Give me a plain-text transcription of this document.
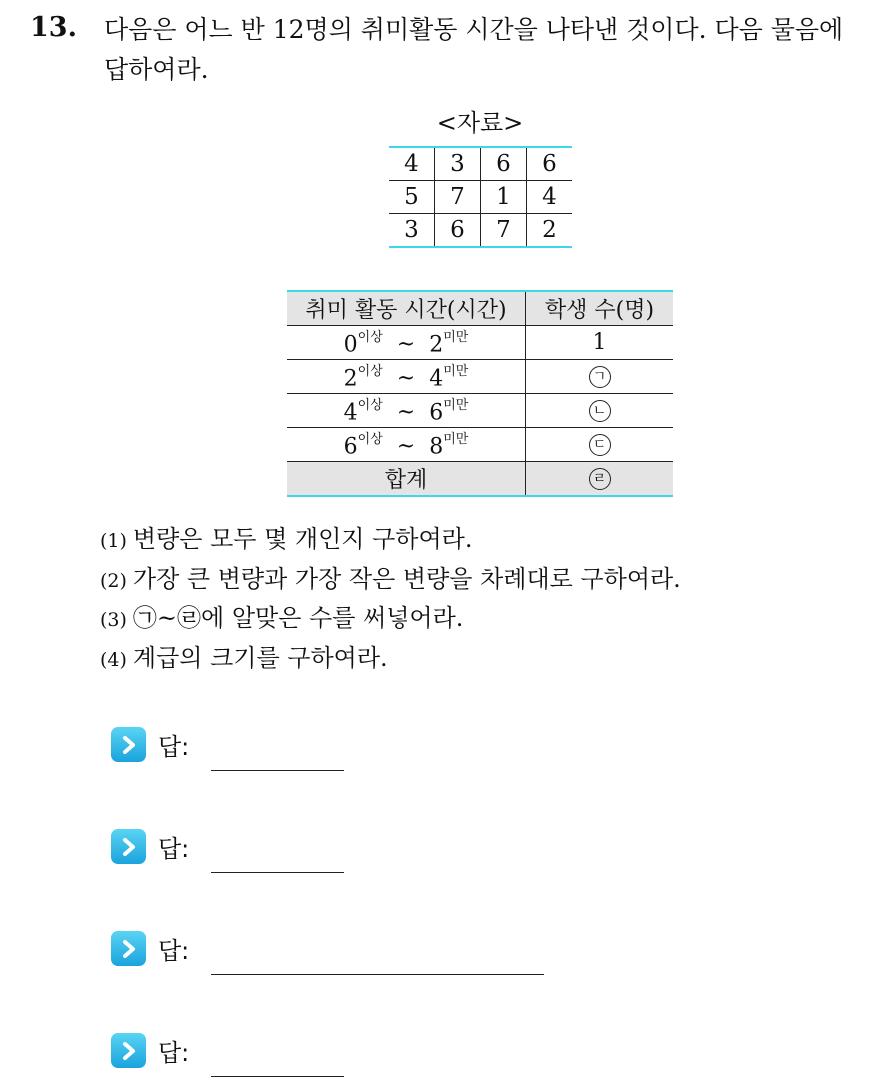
13. 다음은 어느 반 12명의 취미활동 시간을 나타낸 것이다. 다음 물음에 답하여라.

<자료>
4	3	6	6
5	7	1	4
3	6	7	2
취미 활동 시간(시간)	학생 수(명)
$0^{이상}$ ~ $2^{미만}$	1
$2^{이상}$ ~ $4^{미만}$	ㄱ
$4^{이상}$ ~ $6^{미만}$	ㄴ
$6^{이상}$ ~ $8^{미만}$	ㄷ
합계	ㄹ
(1) 변량은 모두 몇 개인지 구하여라.
(2) 가장 큰 변량과 가장 작은 변량을 차례대로 구하여라.
(3) ㉠~㉣에 알맞은 수를 써넣어라.
(4) 계급의 크기를 구하여라.
답:
답:
답:
답:
